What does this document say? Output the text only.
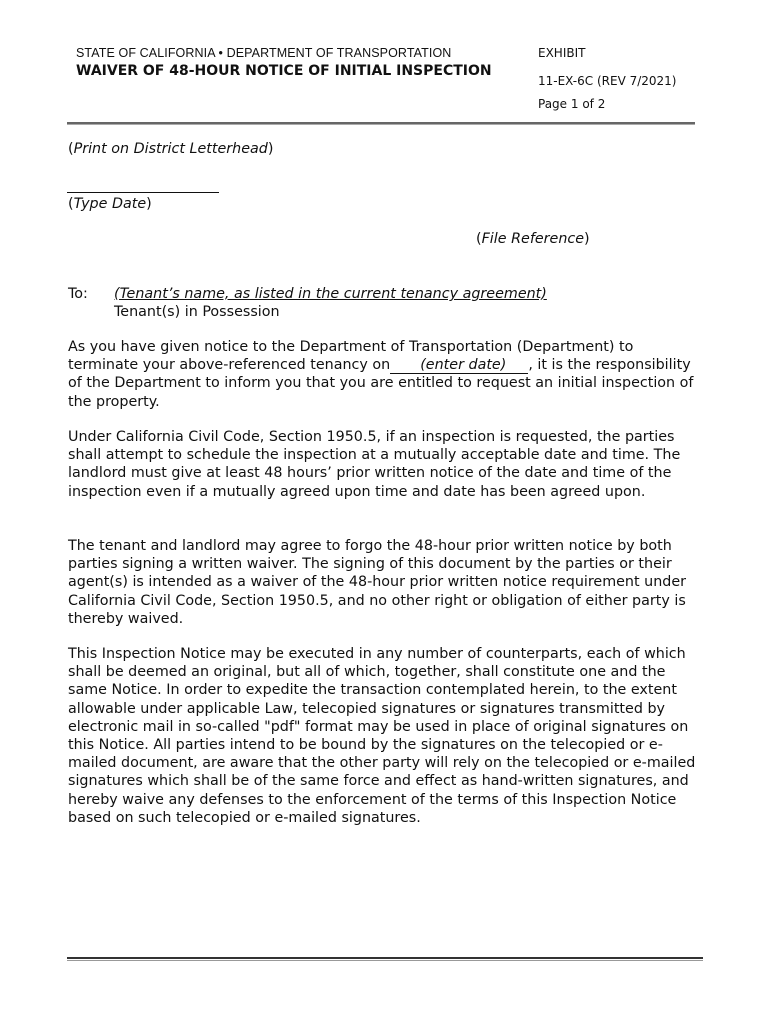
STATE OF CALIFORNIA • DEPARTMENT OF TRANSPORTATION
WAIVER OF 48-HOUR NOTICE OF INITIAL INSPECTION
EXHIBIT
11-EX-6C (REV 7/2021)
Page 1 of 2
(Print on District Letterhead)
(Type Date)
(File Reference)
To: (Tenant’s name, as listed in the current tenancy agreement)
Tenant(s) in Possession

As you have given notice to the Department of Transportation (Department) to terminate your above-referenced tenancy on (enter date) , it is the responsibility of the Department to inform you that you are entitled to request an initial inspection of the property.

Under California Civil Code, Section 1950.5, if an inspection is requested, the parties shall attempt to schedule the inspection at a mutually acceptable date and time. The landlord must give at least 48 hours’ prior written notice of the date and time of the inspection even if a mutually agreed upon time and date has been agreed upon.

The tenant and landlord may agree to forgo the 48-hour prior written notice by both parties signing a written waiver. The signing of this document by the parties or their agent(s) is intended as a waiver of the 48-hour prior written notice requirement under California Civil Code, Section 1950.5, and no other right or obligation of either party is thereby waived.

This Inspection Notice may be executed in any number of counterparts, each of which shall be deemed an original, but all of which, together, shall constitute one and the same Notice. In order to expedite the transaction contemplated herein, to the extent allowable under applicable Law, telecopied signatures or signatures transmitted by electronic mail in so-called "pdf" format may be used in place of original signatures on this Notice. All parties intend to be bound by the signatures on the telecopied or e-mailed document, are aware that the other party will rely on the telecopied or e-mailed signatures which shall be of the same force and effect as hand-written signatures, and hereby waive any defenses to the enforcement of the terms of this Inspection Notice based on such telecopied or e-mailed signatures.
